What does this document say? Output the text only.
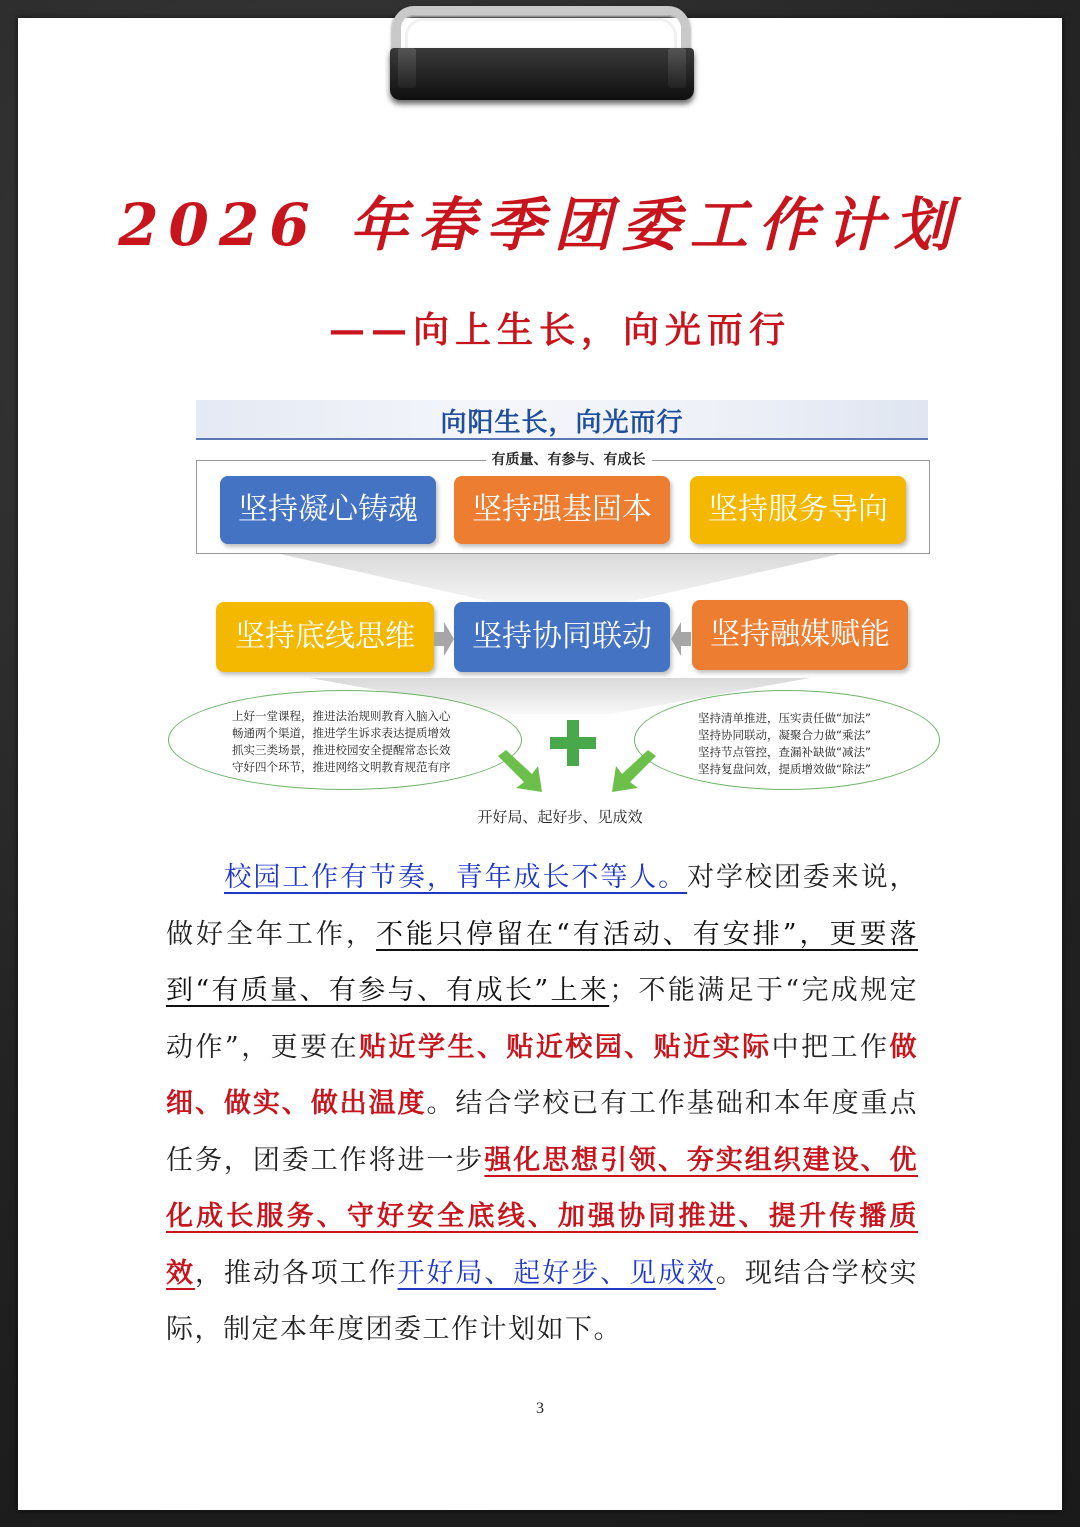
2026 年春季团委工作计划
——向上生长，向光而行
向阳生长，向光而行
有质量、有参与、有成长
坚持凝心铸魂	坚持强基固本	坚持服务导向
坚持底线思维	坚持协同联动	坚持融媒赋能
上好一堂课程，推进法治规则教育入脑入心
畅通两个渠道，推进学生诉求表达提质增效
抓实三类场景，推进校园安全提醒常态长效
守好四个环节，推进网络文明教育规范有序
坚持清单推进，压实责任做“加法”
坚持协同联动，凝聚合力做“乘法”
坚持节点管控，查漏补缺做“减法”
坚持复盘问效，提质增效做“除法”
开好局、起好步、见成效
校园工作有节奏，青年成长不等人。对学校团委来说，做好全年工作，不能只停留在“有活动、有安排”，更要落到“有质量、有参与、有成长”上来；不能满足于“完成规定动作”，更要在贴近学生、贴近校园、贴近实际中把工作做细、做实、做出温度。结合学校已有工作基础和本年度重点任务，团委工作将进一步强化思想引领、夯实组织建设、优化成长服务、守好安全底线、加强协同推进、提升传播质效，推动各项工作开好局、起好步、见成效。现结合学校实际，制定本年度团委工作计划如下。
3
